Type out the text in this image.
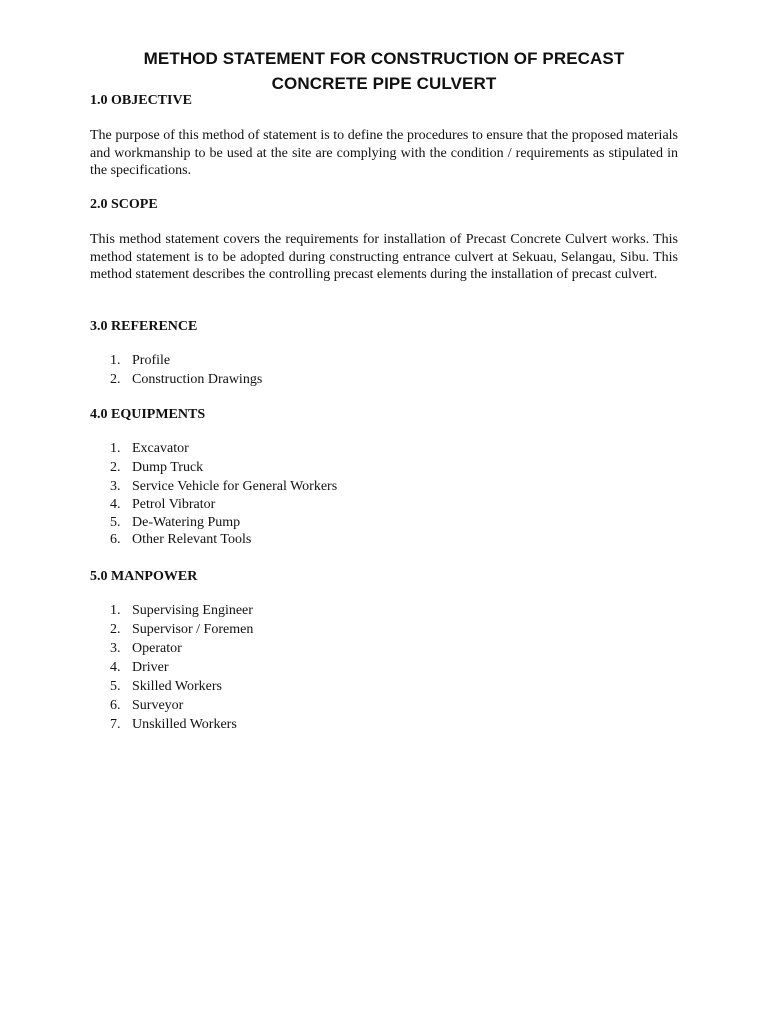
METHOD STATEMENT FOR CONSTRUCTION OF PRECAST
CONCRETE PIPE CULVERT
1.0 OBJECTIVE
The purpose of this method of statement is to define the procedures to ensure that the proposed materials and workmanship to be used at the site are complying with the condition / requirements as stipulated in the specifications.
2.0 SCOPE
This method statement covers the requirements for installation of Precast Concrete Culvert works. This method statement is to be adopted during constructing entrance culvert at Sekuau, Selangau, Sibu. This method statement describes the controlling precast elements during the installation of precast culvert.
3.0 REFERENCE
1. Profile
2. Construction Drawings
4.0 EQUIPMENTS
1. Excavator
2. Dump Truck
3. Service Vehicle for General Workers
4. Petrol Vibrator
5. De-Watering Pump
6. Other Relevant Tools
5.0 MANPOWER
1. Supervising Engineer
2. Supervisor / Foremen
3. Operator
4. Driver
5. Skilled Workers
6. Surveyor
7. Unskilled Workers
